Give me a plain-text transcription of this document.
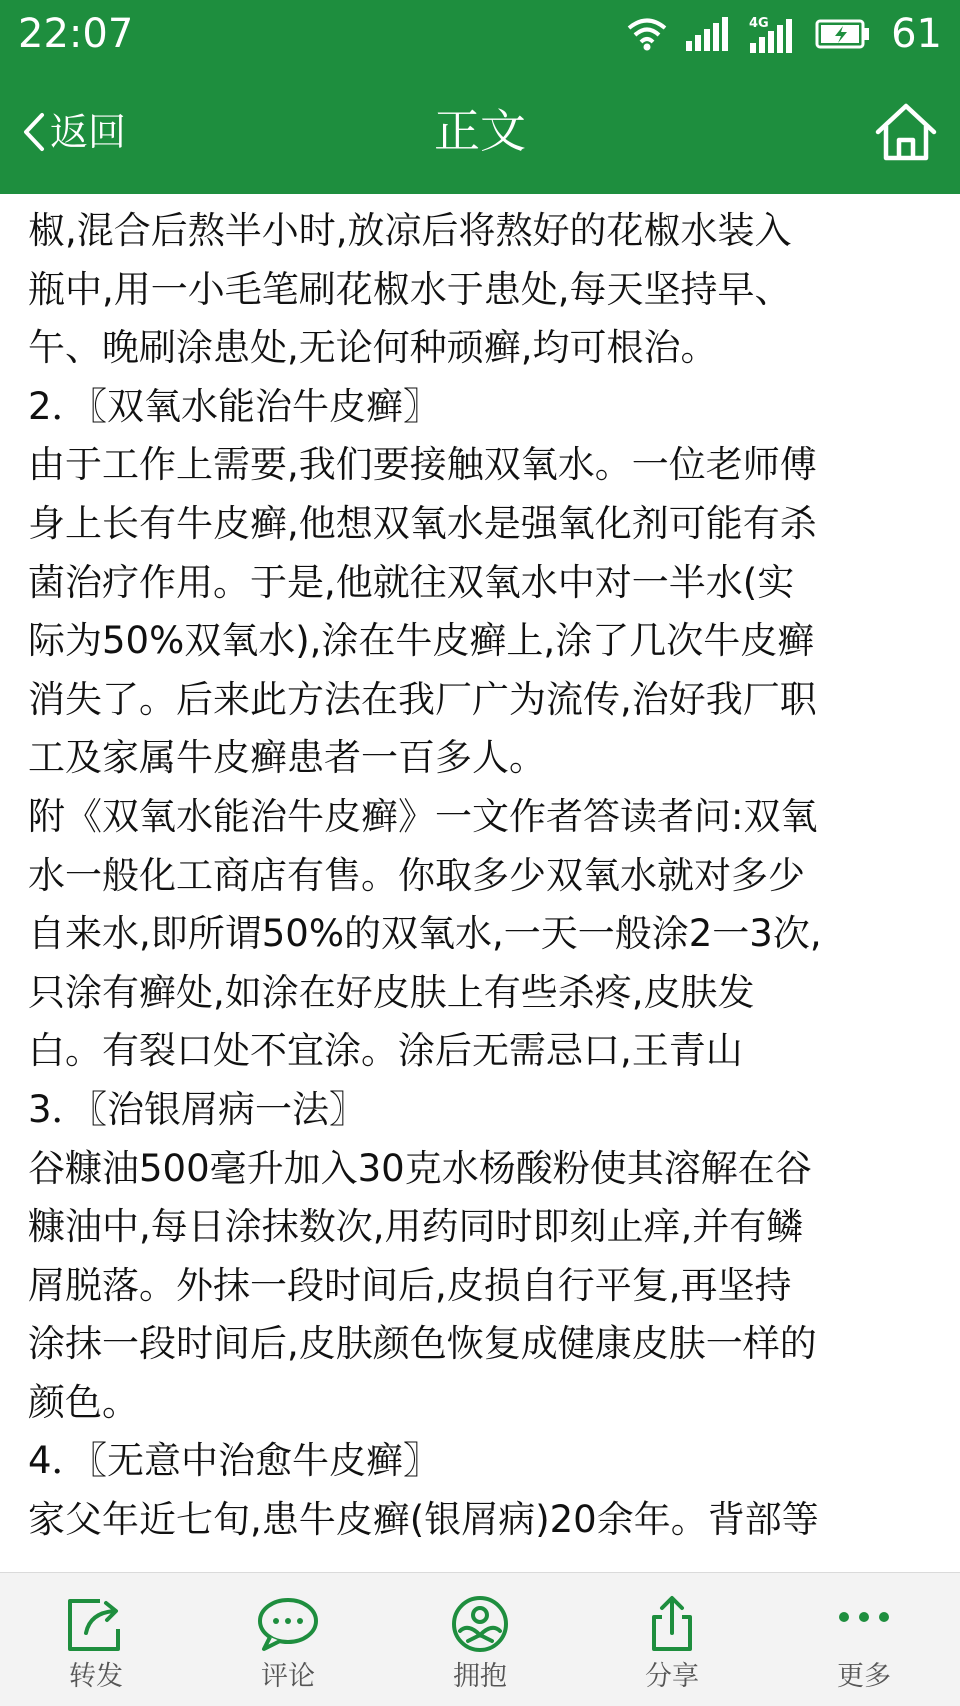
22:07	4G	61
返回	正文
椒,混合后熬半小时,放凉后将熬好的花椒水装入
瓶中,用一小毛笔刷花椒水于患处,每天坚持早、
午、晚刷涂患处,无论何种顽癣,均可根治。
2．〖双氧水能治牛皮癣〗
由于工作上需要,我们要接触双氧水。一位老师傅
身上长有牛皮癣,他想双氧水是强氧化剂可能有杀
菌治疗作用。于是,他就往双氧水中对一半水(实
际为50%双氧水),涂在牛皮癣上,涂了几次牛皮癣
消失了。后来此方法在我厂广为流传,治好我厂职
工及家属牛皮癣患者一百多人。
附《双氧水能治牛皮癣》一文作者答读者问:双氧
水一般化工商店有售。你取多少双氧水就对多少
自来水,即所谓50%的双氧水,一天一般涂2一3次,
只涂有癣处,如涂在好皮肤上有些杀疼,皮肤发
白。有裂口处不宜涂。涂后无需忌口,王青山
3．〖治银屑病一法〗
谷糠油500毫升加入30克水杨酸粉使其溶解在谷
糠油中,每日涂抹数次,用药同时即刻止痒,并有鳞
屑脱落。外抹一段时间后,皮损自行平复,再坚持
涂抹一段时间后,皮肤颜色恢复成健康皮肤一样的
颜色。
4．〖无意中治愈牛皮癣〗
家父年近七旬,患牛皮癣(银屑病)20余年。背部等
转发	评论	拥抱	分享	更多
